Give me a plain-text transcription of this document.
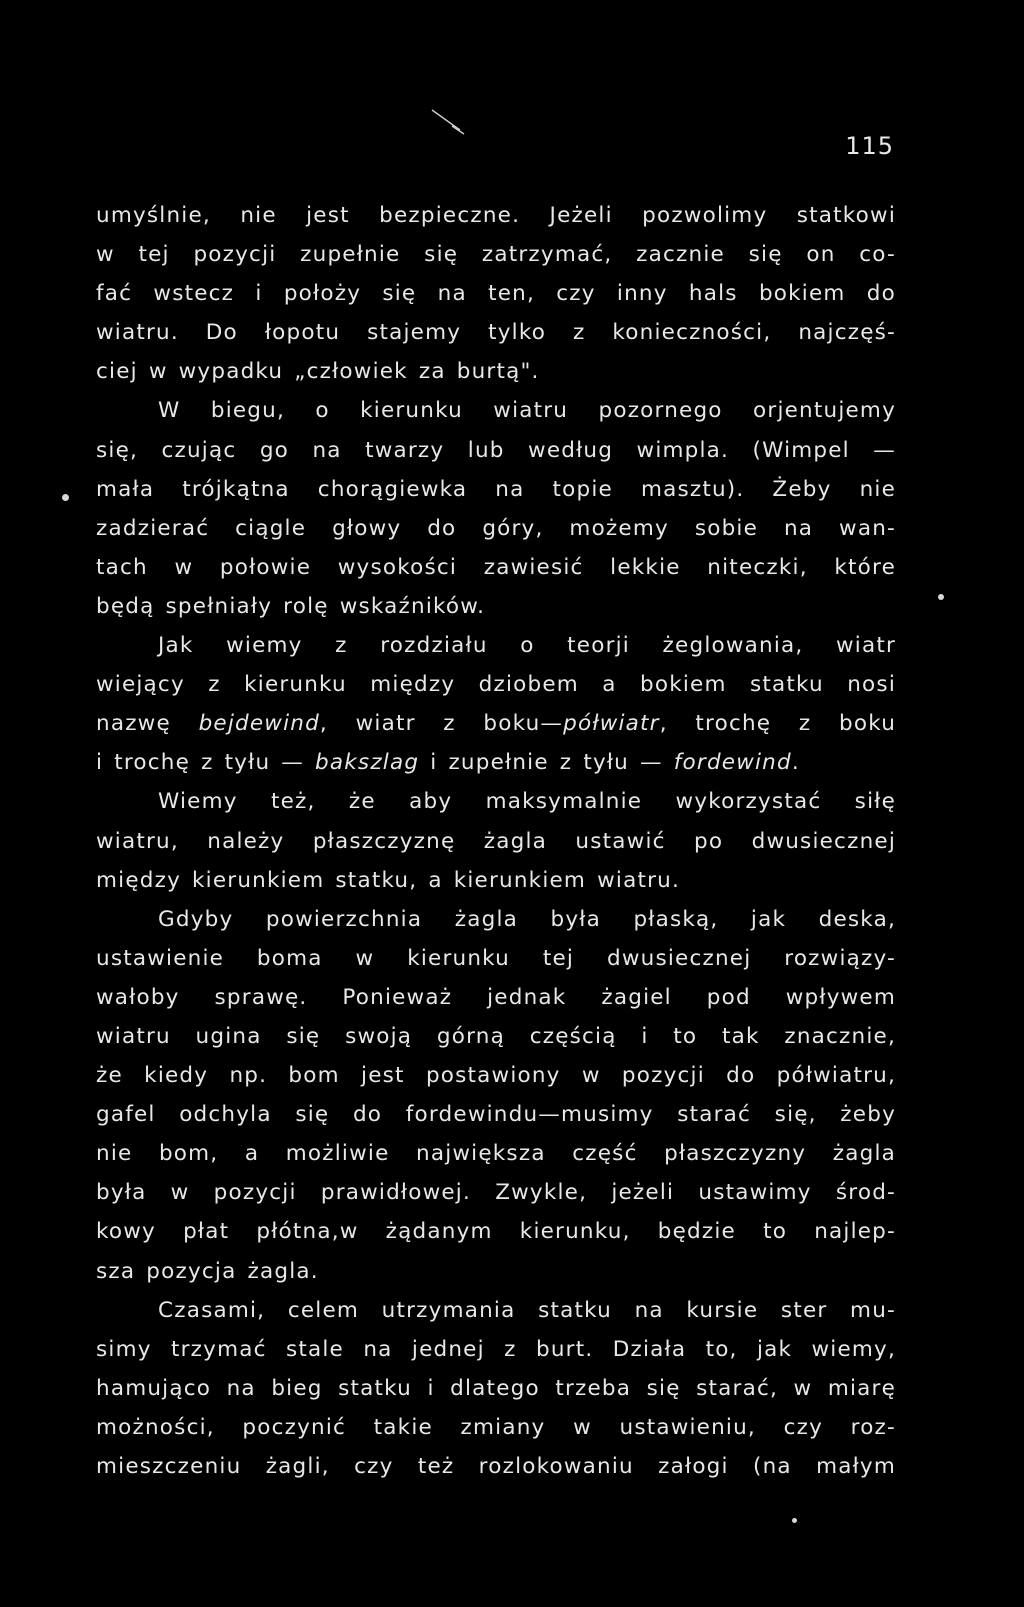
115
umyślnie, nie jest bezpieczne. Jeżeli pozwolimy statkowi
w tej pozycji zupełnie się zatrzymać, zacznie się on co-
fać wstecz i położy się na ten, czy inny hals bokiem do
wiatru. Do łopotu stajemy tylko z konieczności, najczęś-
ciej w wypadku „człowiek za burtą".
W biegu, o kierunku wiatru pozornego orjentujemy
się, czując go na twarzy lub według wimpla. (Wimpel —
mała trójkątna chorągiewka na topie masztu). Żeby nie
zadzierać ciągle głowy do góry, możemy sobie na wan-
tach w połowie wysokości zawiesić lekkie niteczki, które
będą spełniały rolę wskaźników.
Jak wiemy z rozdziału o teorji żeglowania, wiatr
wiejący z kierunku między dziobem a bokiem statku nosi
nazwę bejdewind, wiatr z boku—półwiatr, trochę z boku
i trochę z tyłu — bakszlag i zupełnie z tyłu — fordewind.
Wiemy też, że aby maksymalnie wykorzystać siłę
wiatru, należy płaszczyznę żagla ustawić po dwusiecznej
między kierunkiem statku, a kierunkiem wiatru.
Gdyby powierzchnia żagla była płaską, jak deska,
ustawienie boma w kierunku tej dwusiecznej rozwiązy-
wałoby sprawę. Ponieważ jednak żagiel pod wpływem
wiatru ugina się swoją górną częścią i to tak znacznie,
że kiedy np. bom jest postawiony w pozycji do półwiatru,
gafel odchyla się do fordewindu—musimy starać się, żeby
nie bom, a możliwie największa część płaszczyzny żagla
była w pozycji prawidłowej. Zwykle, jeżeli ustawimy środ-
kowy płat płótna,w żądanym kierunku, będzie to najlep-
sza pozycja żagla.
Czasami, celem utrzymania statku na kursie ster mu-
simy trzymać stale na jednej z burt. Działa to, jak wiemy,
hamująco na bieg statku i dlatego trzeba się starać, w miarę
możności, poczynić takie zmiany w ustawieniu, czy roz-
mieszczeniu żagli, czy też rozlokowaniu załogi (na małym
